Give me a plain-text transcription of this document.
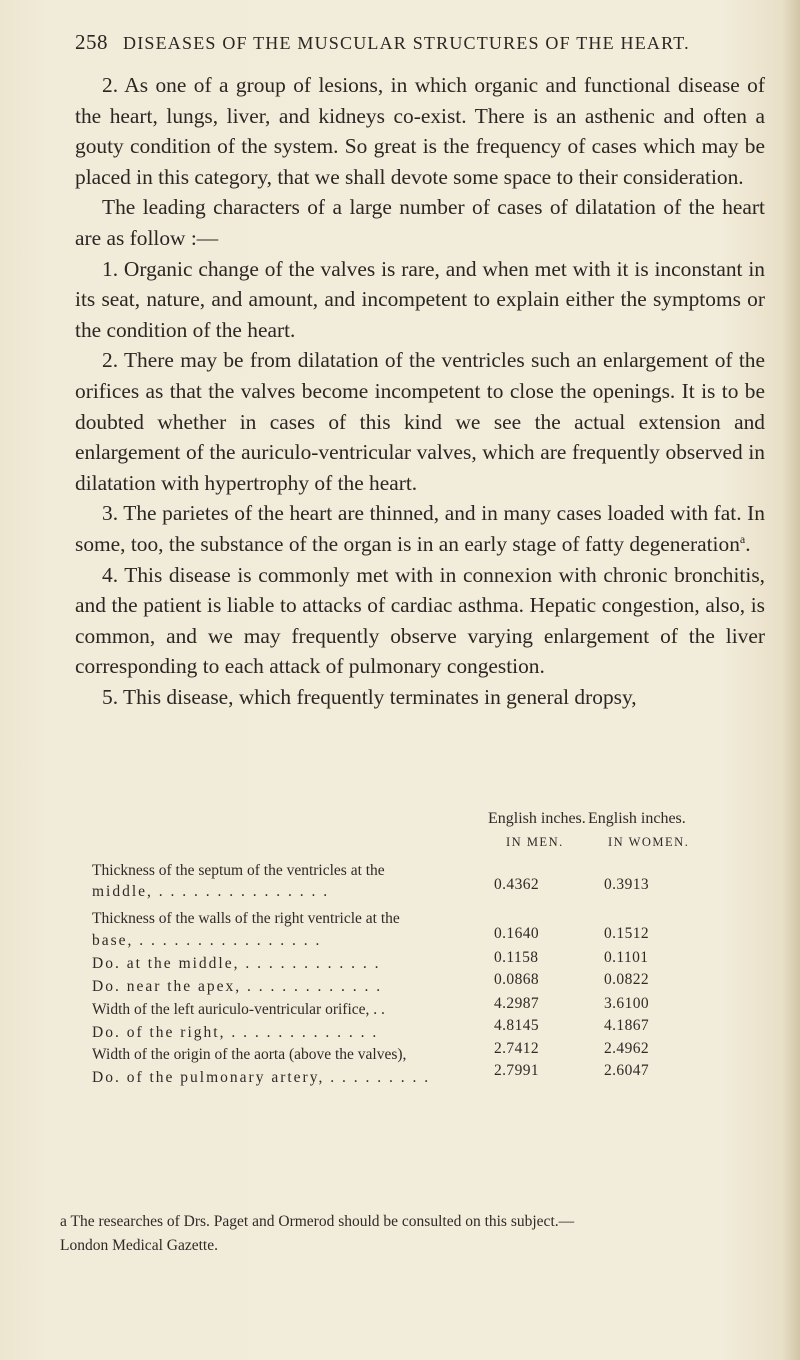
258 DISEASES OF THE MUSCULAR STRUCTURES OF THE HEART.

2. As one of a group of lesions, in which organic and functional disease of the heart, lungs, liver, and kidneys co-exist. There is an asthenic and often a gouty condition of the system. So great is the frequency of cases which may be placed in this category, that we shall devote some space to their consideration.

The leading characters of a large number of cases of dilatation of the heart are as follow :—

1. Organic change of the valves is rare, and when met with it is inconstant in its seat, nature, and amount, and incompetent to explain either the symptoms or the condition of the heart.

2. There may be from dilatation of the ventricles such an enlargement of the orifices as that the valves become incompetent to close the openings. It is to be doubted whether in cases of this kind we see the actual extension and enlargement of the auriculo-ventricular valves, which are frequently observed in dilatation with hypertrophy of the heart.

3. The parietes of the heart are thinned, and in many cases loaded with fat. In some, too, the substance of the organ is in an early stage of fatty degeneration$^a$.

4. This disease is commonly met with in connexion with chronic bronchitis, and the patient is liable to attacks of cardiac asthma. Hepatic congestion, also, is common, and we may frequently observe varying enlargement of the liver corresponding to each attack of pulmonary congestion.

5. This disease, which frequently terminates in general dropsy,

English inches. English inches.
IN MEN.	IN WOMEN.
Thickness of the septum of the ventricles at the
middle, . . . . . . . . . . . . . . .	0.4362	0.3913
Thickness of the walls of the right ventricle at the
base, . . . . . . . . . . . . . . . .	0.1640	0.1512
Do. at the middle, . . . . . . . . . . . .	0.1158	0.1101
Do. near the apex, . . . . . . . . . . . .	0.0868	0.0822
Width of the left auriculo-ventricular orifice, . .	4.2987	3.6100
Do. of the right, . . . . . . . . . . . . .	4.8145	4.1867
Width of the origin of the aorta (above the valves),	2.7412	2.4962
Do. of the pulmonary artery, . . . . . . . . .	2.7991	2.6047
a The researches of Drs. Paget and Ormerod should be consulted on this subject.—
London Medical Gazette.
